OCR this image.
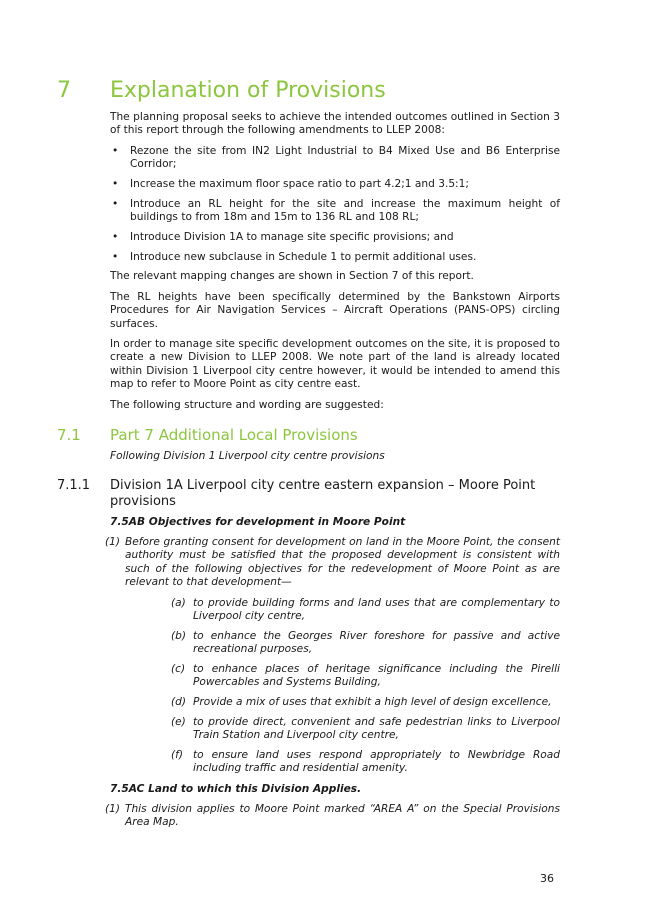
7 Explanation of Provisions

The planning proposal seeks to achieve the intended outcomes outlined in Section 3 of this report through the following amendments to LLEP 2008:

• Rezone the site from IN2 Light Industrial to B4 Mixed Use and B6 Enterprise Corridor;
• Increase the maximum floor space ratio to part 4.2;1 and 3.5:1;
• Introduce an RL height for the site and increase the maximum height of buildings to from 18m and 15m to 136 RL and 108 RL;
• Introduce Division 1A to manage site specific provisions; and
• Introduce new subclause in Schedule 1 to permit additional uses.

The relevant mapping changes are shown in Section 7 of this report.

The RL heights have been specifically determined by the Bankstown Airports Procedures for Air Navigation Services – Aircraft Operations (PANS-OPS) circling surfaces.

In order to manage site specific development outcomes on the site, it is proposed to create a new Division to LLEP 2008. We note part of the land is already located within Division 1 Liverpool city centre however, it would be intended to amend this map to refer to Moore Point as city centre east.

The following structure and wording are suggested:

7.1 Part 7 Additional Local Provisions

Following Division 1 Liverpool city centre provisions

7.1.1 Division 1A Liverpool city centre eastern expansion – Moore Point provisions

7.5AB Objectives for development in Moore Point

(1) Before granting consent for development on land in the Moore Point, the consent authority must be satisfied that the proposed development is consistent with such of the following objectives for the redevelopment of Moore Point as are relevant to that development—
(a) to provide building forms and land uses that are complementary to Liverpool city centre,
(b) to enhance the Georges River foreshore for passive and active recreational purposes,
(c) to enhance places of heritage significance including the Pirelli Powercables and Systems Building,
(d) Provide a mix of uses that exhibit a high level of design excellence,
(e) to provide direct, convenient and safe pedestrian links to Liverpool Train Station and Liverpool city centre,
(f) to ensure land uses respond appropriately to Newbridge Road including traffic and residential amenity.

7.5AC Land to which this Division Applies.

(1) This division applies to Moore Point marked “AREA A” on the Special Provisions Area Map.
36
